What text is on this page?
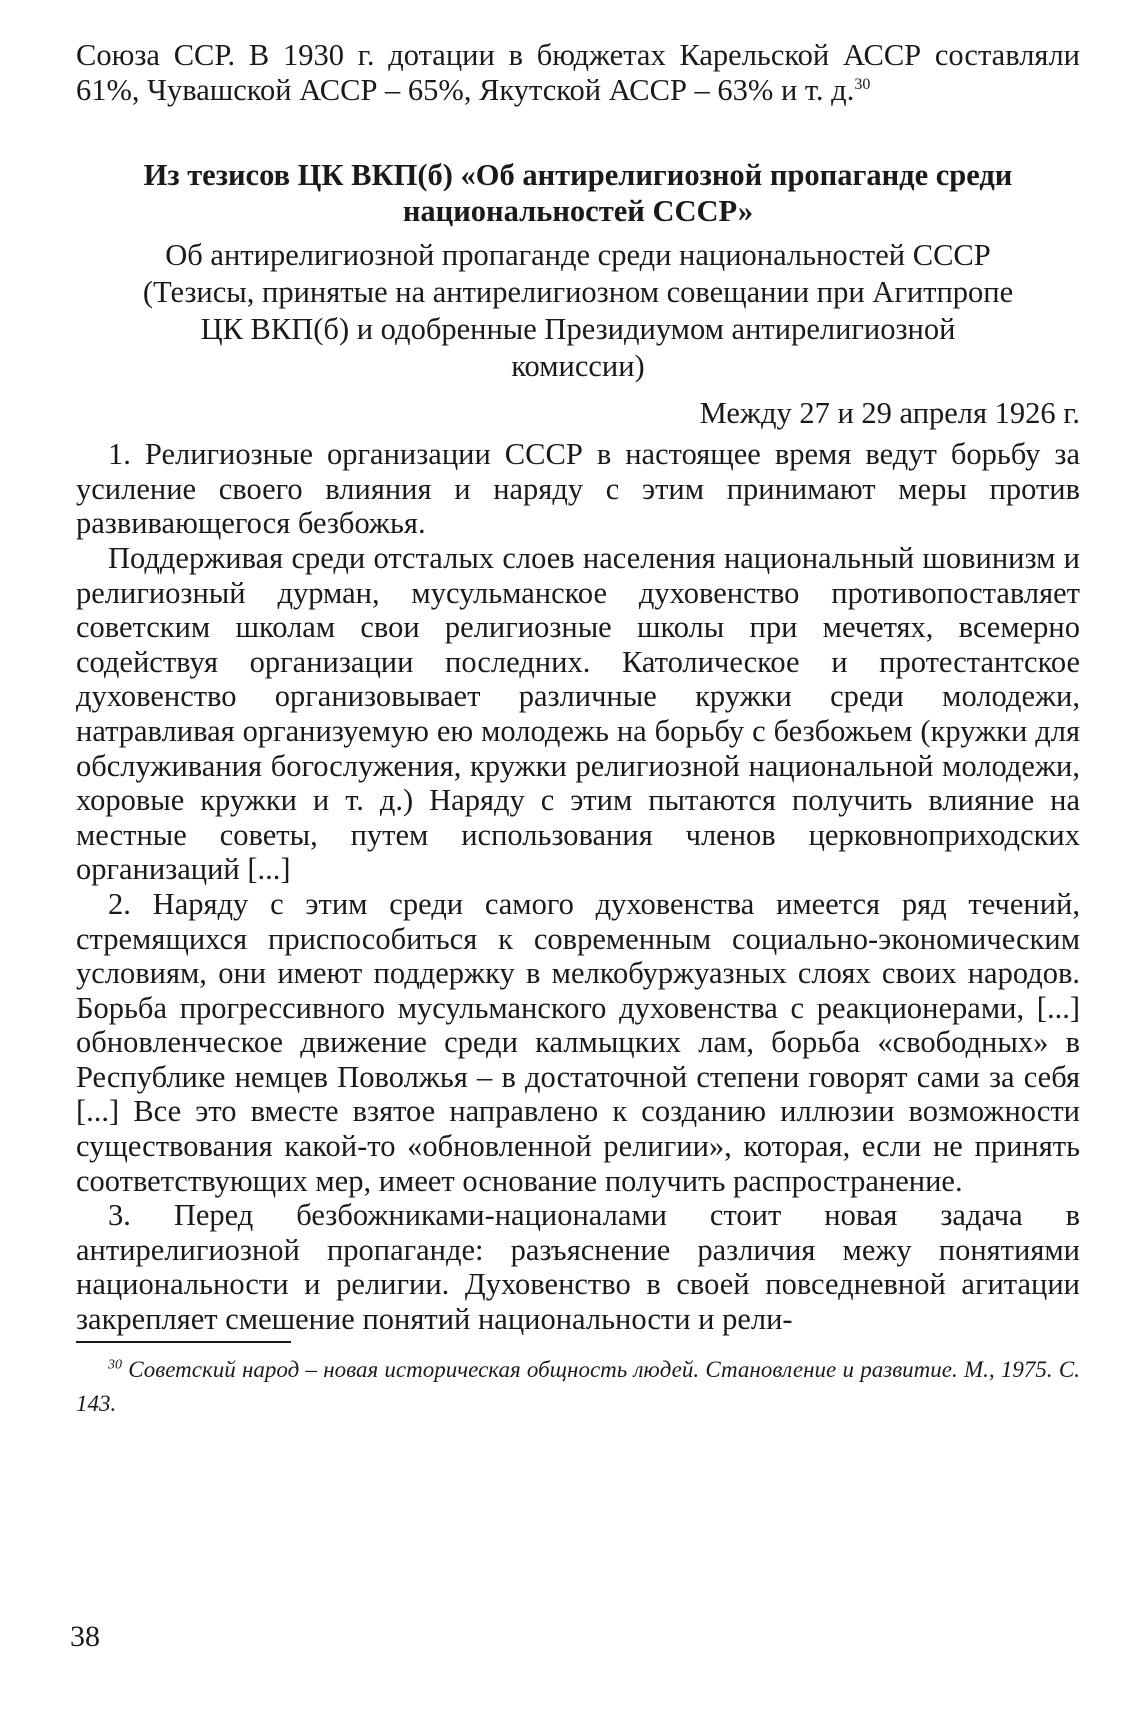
Союза ССР. В 1930 г. дотации в бюджетах Карельской АССР составляли 61%, Чувашской АССР – 65%, Якутской АССР – 63% и т. д.$^{30}$

Из тезисов ЦК ВКП(б) «Об антирелигиозной пропаганде среди национальностей СССР»
Об антирелигиозной пропаганде среди национальностей СССР (Тезисы, принятые на антирелигиозном совещании при Агитпропе ЦК ВКП(б) и одобренные Президиумом антирелигиозной комиссии)
Между 27 и 29 апреля 1926 г.

1. Религиозные организации СССР в настоящее время ведут борьбу за усиление своего влияния и наряду с этим принимают меры против развивающегося безбожья.

Поддерживая среди отсталых слоев населения национальный шовинизм и религиозный дурман, мусульманское духовенство противопоставляет советским школам свои религиозные школы при мечетях, всемерно содействуя организации последних. Католическое и протестантское духовенство организовывает различные кружки среди молодежи, натравливая организуемую ею молодежь на борьбу с безбожьем (кружки для обслуживания богослужения, кружки религиозной национальной молодежи, хоровые кружки и т. д.) Наряду с этим пытаются получить влияние на местные советы, путем использования членов церковноприходских организаций [...]

2. Наряду с этим среди самого духовенства имеется ряд течений, стремящихся приспособиться к современным социально-экономическим условиям, они имеют поддержку в мелкобуржуазных слоях своих народов. Борьба прогрессивного мусульманского духовенства с реакционерами, [...] обновленческое движение среди калмыцких лам, борьба «свободных» в Республике немцев Поволжья – в достаточной степени говорят сами за себя [...] Все это вместе взятое направлено к созданию иллюзии возможности существования какой-то «обновленной религии», которая, если не принять соответствующих мер, имеет основание получить распространение.

3. Перед безбожниками-националами стоит новая задача в антирелигиозной пропаганде: разъяснение различия межу понятиями национальности и религии. Духовенство в своей повседневной агитации закрепляет смешение понятий национальности и рели-

$^{30}$ Советский народ – новая историческая общность людей. Становление и развитие. М., 1975. С. 143.
38
